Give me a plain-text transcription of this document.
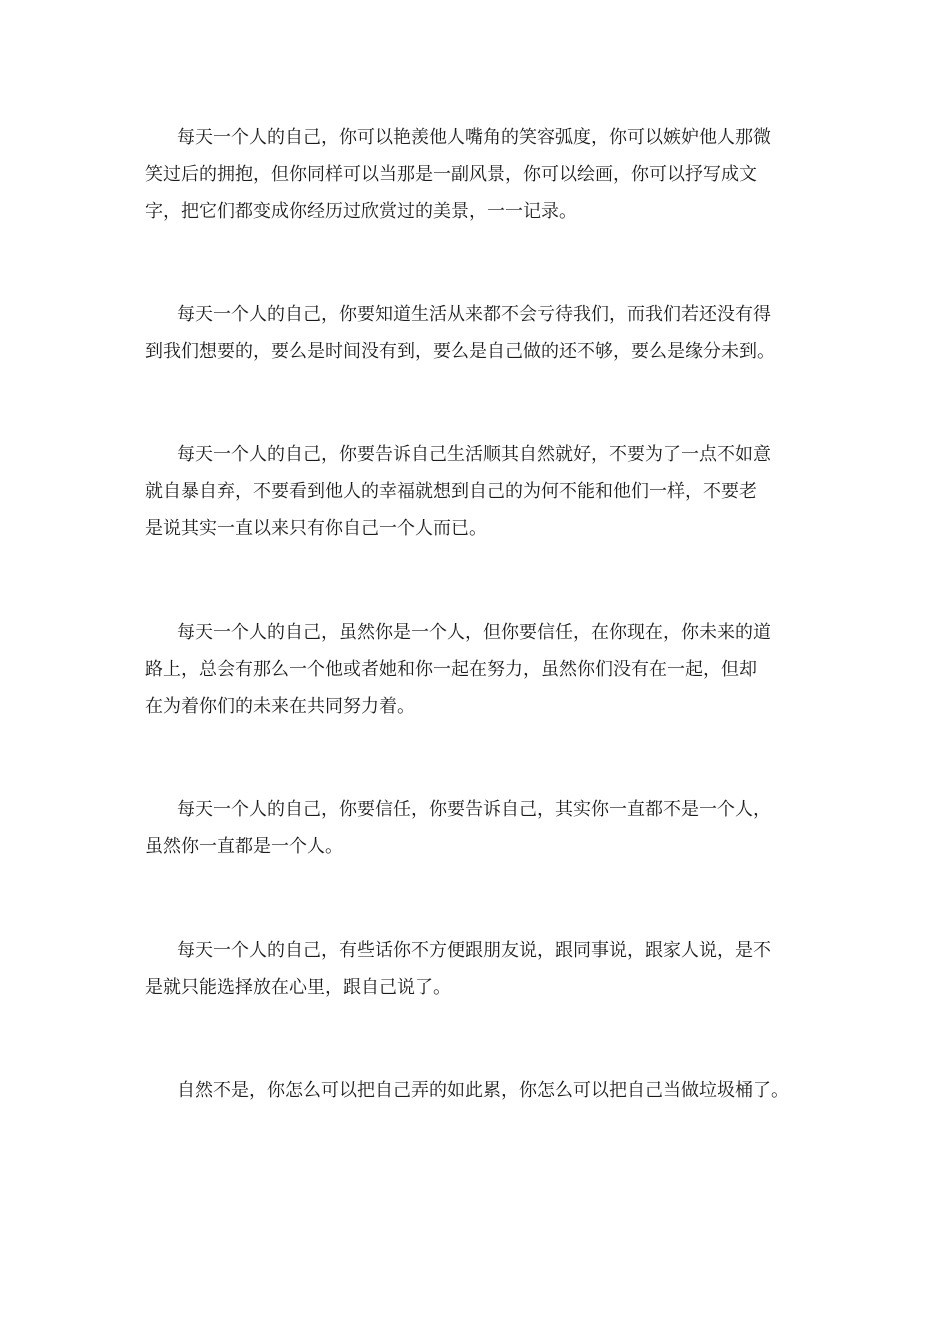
每天一个人的自己，你可以艳羡他人嘴角的笑容弧度，你可以嫉妒他人那微
笑过后的拥抱，但你同样可以当那是一副风景，你可以绘画，你可以抒写成文
字，把它们都变成你经历过欣赏过的美景，一一记录。

每天一个人的自己，你要知道生活从来都不会亏待我们，而我们若还没有得
到我们想要的，要么是时间没有到，要么是自己做的还不够，要么是缘分未到。

每天一个人的自己，你要告诉自己生活顺其自然就好，不要为了一点不如意
就自暴自弃，不要看到他人的幸福就想到自己的为何不能和他们一样，不要老
是说其实一直以来只有你自己一个人而已。

每天一个人的自己，虽然你是一个人，但你要信任，在你现在，你未来的道
路上，总会有那么一个他或者她和你一起在努力，虽然你们没有在一起，但却
在为着你们的未来在共同努力着。

每天一个人的自己，你要信任，你要告诉自己，其实你一直都不是一个人，
虽然你一直都是一个人。

每天一个人的自己，有些话你不方便跟朋友说，跟同事说，跟家人说，是不
是就只能选择放在心里，跟自己说了。

自然不是，你怎么可以把自己弄的如此累，你怎么可以把自己当做垃圾桶了。
